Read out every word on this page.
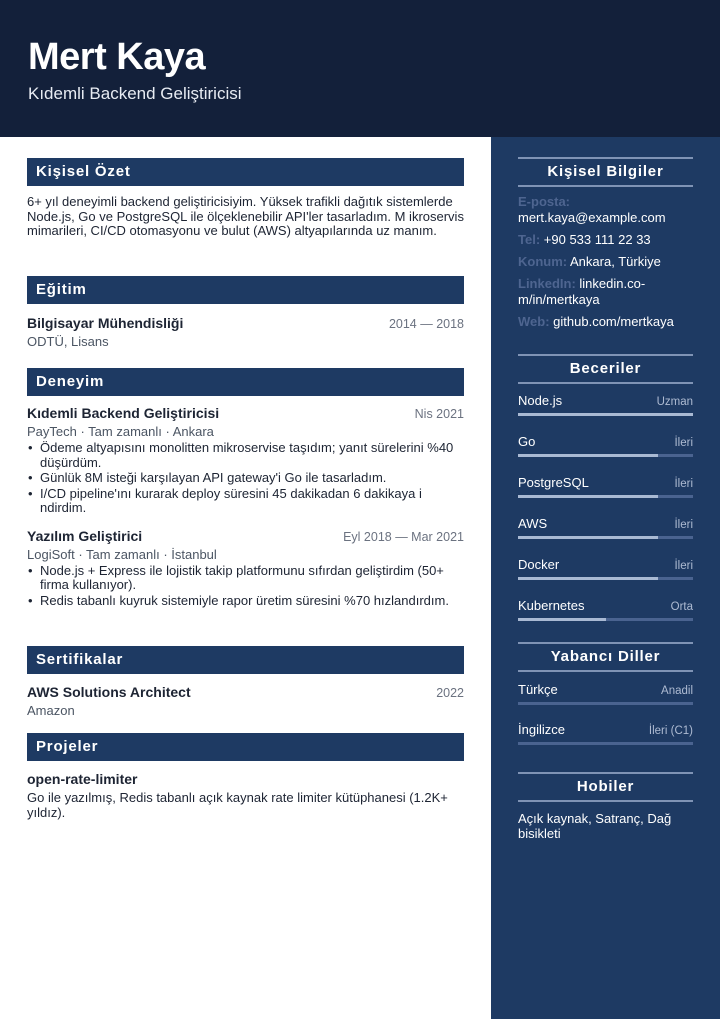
Mert Kaya
Kıdemli Backend Geliştiricisi
Kişisel Özet
6+ yıl deneyimli backend geliştiricisiyim. Yüksek trafikli dağıtık sistemlerde Node.js, Go ve PostgreSQL ile ölçeklenebilir API'ler tasarladım. M ikroservis mimarileri, CI/CD otomasyonu ve bulut (AWS) altyapılarında uz manım.
Eğitim
Bilgisayar Mühendisliği	2014 — 2018
ODTÜ, Lisans
Deneyim
Kıdemli Backend Geliştiricisi	Nis 2021
PayTech · Tam zamanlı · Ankara
• Ödeme altyapısını monolitten mikroservise taşıdım; yanıt sürelerini %40 düşürdüm.
• Günlük 8M isteği karşılayan API gateway'i Go ile tasarladım.
• I/CD pipeline'ını kurarak deploy süresini 45 dakikadan 6 dakikaya i ndirdim.
Yazılım Geliştirici	Eyl 2018 — Mar 2021
LogiSoft · Tam zamanlı · İstanbul
• Node.js + Express ile lojistik takip platformunu sıfırdan geliştirdim (50+ firma kullanıyor).
• Redis tabanlı kuyruk sistemiyle rapor üretim süresini %70 hızlandırdım.
Sertifikalar
AWS Solutions Architect	2022
Amazon
Projeler
open-rate-limiter
Go ile yazılmış, Redis tabanlı açık kaynak rate limiter kütüphanesi (1.2K+ yıldız).
Kişisel Bilgiler
E-posta:
mert.kaya@example.com
Tel: +90 533 111 22 33
Konum: Ankara, Türkiye
LinkedIn: linkedin.com/in/mertkaya
Web: github.com/mertkaya
Beceriler
Node.js	Uzman
Go	İleri
PostgreSQL	İleri
AWS	İleri
Docker	İleri
Kubernetes	Orta
Yabancı Diller
Türkçe	Anadil
İngilizce	İleri (C1)
Hobiler
Açık kaynak, Satranç, Dağ bisikleti
